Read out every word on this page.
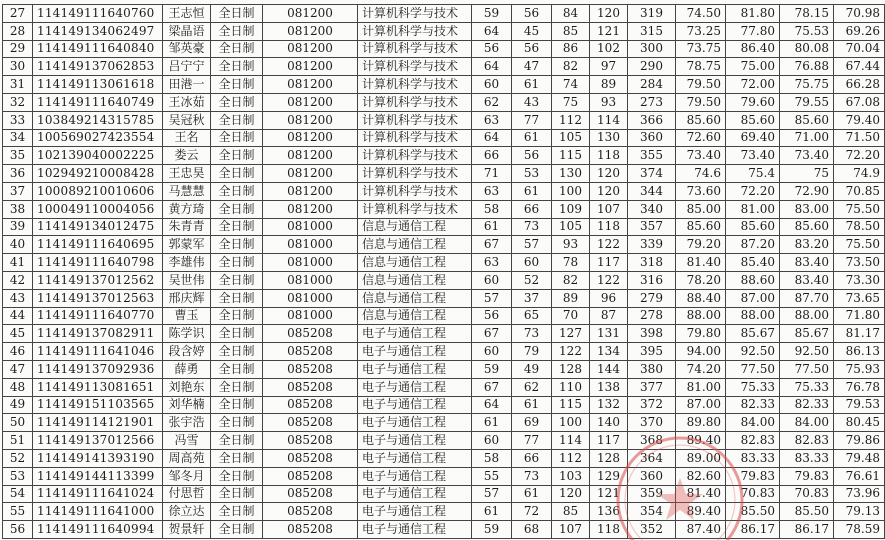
27	114149111640760	王志恒	全日制	081200	计算机科学与技术	59	56	84	120	319	74.50	81.80	78.15	70.98
28	114149134062497	梁晶语	全日制	081200	计算机科学与技术	64	45	85	121	315	73.25	77.80	75.53	69.26
29	114149111640840	邹英豪	全日制	081200	计算机科学与技术	56	56	86	102	300	73.75	86.40	80.08	70.04
30	114149137062853	吕宁宁	全日制	081200	计算机科学与技术	64	47	82	97	290	78.75	75.00	76.88	67.44
31	114149113061618	田港一	全日制	081200	计算机科学与技术	60	61	74	89	284	79.50	72.00	75.75	66.28
32	114149111640749	王冰茹	全日制	081200	计算机科学与技术	62	43	75	93	273	79.50	79.60	79.55	67.08
33	103849214315785	吴冠秋	全日制	081200	计算机科学与技术	63	77	112	114	366	85.60	85.60	85.60	79.40
34	100569027423554	王名	全日制	081200	计算机科学与技术	64	61	105	130	360	72.60	69.40	71.00	71.50
35	102139040002225	娄云	全日制	081200	计算机科学与技术	66	56	115	118	355	73.40	73.40	73.40	72.20
36	102949210008428	王忠昊	全日制	081200	计算机科学与技术	71	53	130	120	374	74.6	75.4	75	74.9
37	100089210010606	马慧慧	全日制	081200	计算机科学与技术	63	61	100	120	344	73.60	72.20	72.90	70.85
38	100049110004056	黄方琦	全日制	081200	计算机科学与技术	58	66	109	107	340	85.00	81.00	83.00	75.50
39	114149134012475	朱青青	全日制	081000	信息与通信工程	61	73	105	118	357	85.60	85.60	85.60	78.50
40	114149111640695	郭蒙军	全日制	081000	信息与通信工程	67	57	93	122	339	79.20	87.20	83.20	75.50
41	114149111640798	李雄伟	全日制	081000	信息与通信工程	63	60	78	117	318	81.40	85.40	83.40	73.50
42	114149137012562	吴世伟	全日制	081000	信息与通信工程	60	52	82	122	316	78.20	88.60	83.40	73.30
43	114149137012563	邢庆辉	全日制	081000	信息与通信工程	57	37	89	96	279	88.40	87.00	87.70	73.65
44	114149111640770	曹玉	全日制	081000	信息与通信工程	56	65	70	87	278	88.00	88.00	88.00	71.80
45	114149137082911	陈学识	全日制	085208	电子与通信工程	67	73	127	131	398	79.80	85.67	85.67	81.17
46	114149111641046	段含婷	全日制	085208	电子与通信工程	60	79	122	134	395	94.00	92.50	92.50	86.13
47	114149137092936	薛勇	全日制	085208	电子与通信工程	59	49	128	144	380	74.20	77.50	77.50	75.93
48	114149113081651	刘艳东	全日制	085208	电子与通信工程	67	62	110	138	377	81.00	75.33	75.33	76.78
49	114149151103565	刘华楠	全日制	085208	电子与通信工程	64	61	115	132	372	87.00	82.33	82.33	79.53
50	114149114121901	张宇浩	全日制	085208	电子与通信工程	61	69	100	140	370	89.80	84.00	84.00	80.45
51	114149137012566	冯雪	全日制	085208	电子与通信工程	60	77	114	117	368	89.40	82.83	82.83	79.86
52	114149141393190	周高苑	全日制	085208	电子与通信工程	58	66	112	128	364	89.00	83.33	83.33	79.48
53	114149144113399	邹冬月	全日制	085208	电子与通信工程	55	73	103	129	360	82.60	79.83	79.83	76.61
54	114149111641024	付思哲	全日制	085208	电子与通信工程	57	61	120	121	359	81.40	70.83	70.83	73.96
55	114149111641000	徐立达	全日制	085208	电子与通信工程	61	72	85	136	354	89.40	85.50	85.50	79.13
56	114149111640994	贺景轩	全日制	085208	电子与通信工程	59	68	107	118	352	87.40	86.17	86.17	78.59
